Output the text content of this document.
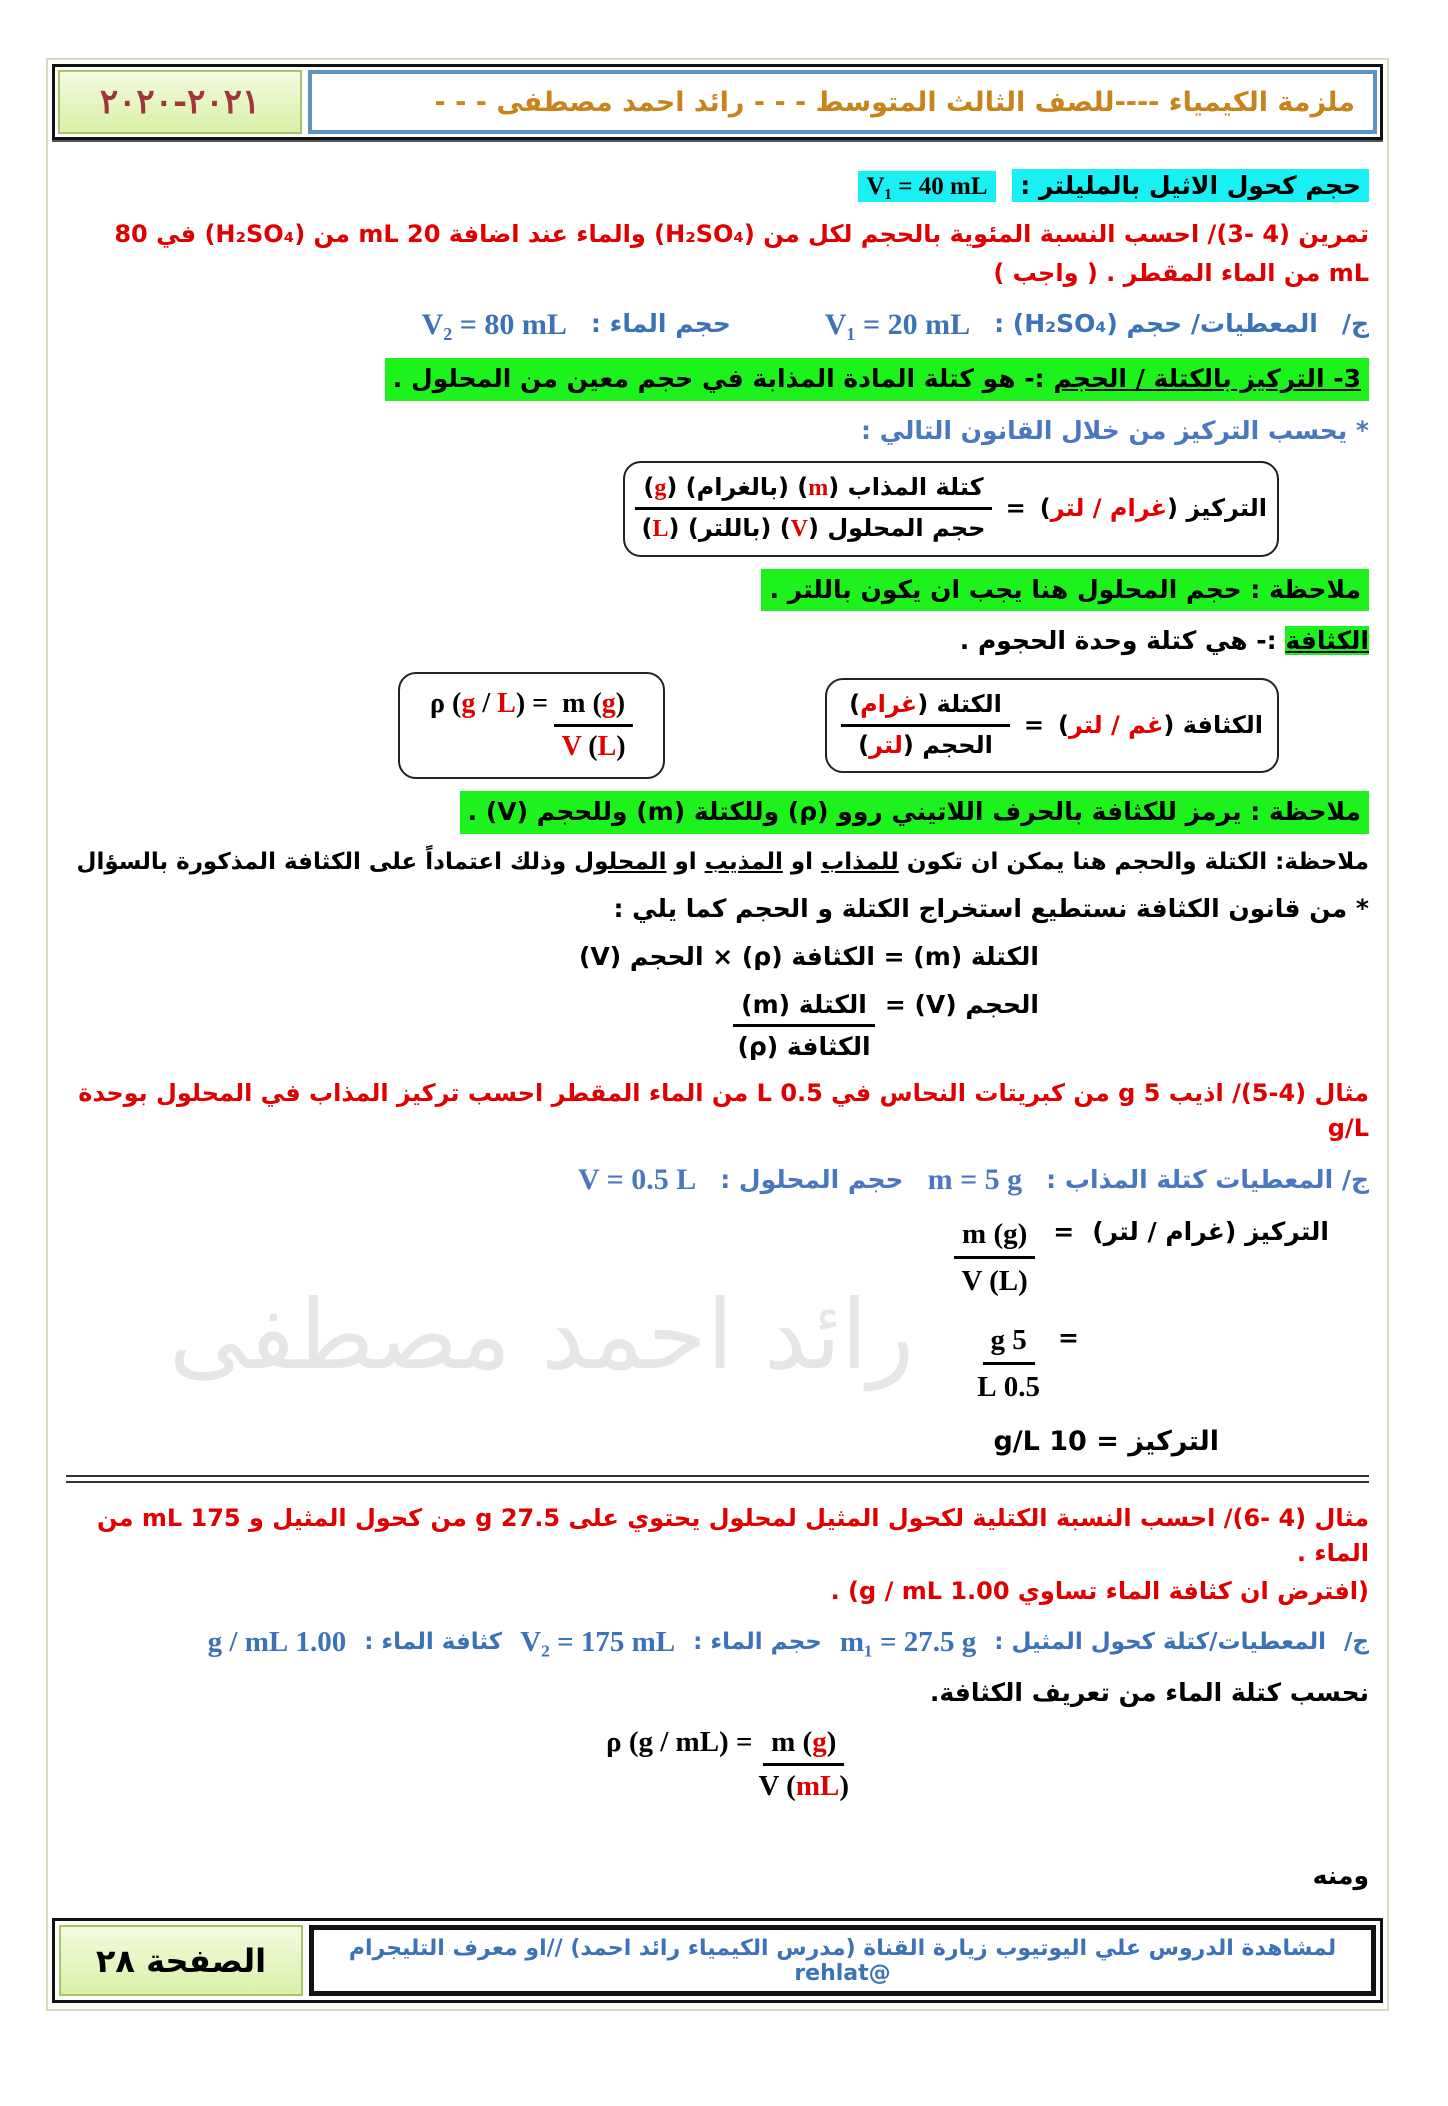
٢٠٢١-٢٠٢٠	ملزمة الكيمياء ----للصف الثالث المتوسط - - - رائد احمد مصطفى - - -
حجم كحول الاثيل بالمليلتر : V₁ = 40 mL
تمرين (4 -3)/ احسب النسبة المئوية بالحجم لكل من (H₂SO₄) والماء عند اضافة 20 mL من (H₂SO₄) في 80
mL من الماء المقطر . ( واجب )
ج/
المعطيات/ حجم (H₂SO₄) :
V₁ = 20 mL
حجم الماء :
V₂ = 80 mL
3- التركيز بالكتلة / الحجم :- هو كتلة المادة المذابة في حجم معين من المحلول .
* يحسب التركيز من خلال القانون التالي :
التركيز (غرام / لتر)
=
$\frac{\text{كتلة المذاب (m) (بالغرام) (g)}}{\text{حجم المحلول (V) (باللتر) (L)}}$
ملاحظة : حجم المحلول هنا يجب ان يكون باللتر .
الكثافة :- هي كتلة وحدة الحجوم .
الكثافة (غم / لتر)
=
$\frac{\text{الكتلة (غرام)}}{\text{الحجم (لتر)}}$
ρ $(g / L) = \frac{m (g)}{V (L)}$
ملاحظة : يرمز للكثافة بالحرف اللاتيني روو (ρ) وللكتلة (m) وللحجم (V) .
ملاحظة: الكتلة والحجم هنا يمكن ان تكون للمذاب او المذيب او المحلول وذلك اعتماداً على الكثافة المذكورة بالسؤال
* من قانون الكثافة نستطيع استخراج الكتلة و الحجم كما يلي :
الكتلة (m) = الكثافة (ρ) × الحجم (V)
الحجم (V) =
$\frac{\text{الكتلة (m)}}{\text{الكثافة (ρ)}}$
مثال (4-5)/ اذيب 5 g من كبريتات النحاس في 0.5 L من الماء المقطر احسب تركيز المذاب في المحلول بوحدة g/L
ج/ المعطيات كتلة المذاب :
m = 5 g
حجم المحلول :
V = 0.5 L
التركيز (غرام / لتر)
=
$\frac{m (g)}{V (L)}$
=
$\frac{5 g}{0.5 L}$
التركيز = 10 g/L
رائد احمد مصطفى
مثال (4 -6)/ احسب النسبة الكتلية لكحول المثيل لمحلول يحتوي على 27.5 g من كحول المثيل و 175 mL من الماء .
(افترض ان كثافة الماء تساوي 1.00 g / mL) .
ج/
المعطيات/كتلة كحول المثيل :
m₁ = 27.5 g
حجم الماء :
V₂ = 175 mL
كثافة الماء :
1.00 g / mL
نحسب كتلة الماء من تعريف الكثافة.
ρ $(g / mL) = \frac{m (g)}{V (mL)}$
ومنه
الصفحة ٢٨	لمشاهدة الدروس علي اليوتيوب زيارة القناة (مدرس الكيمياء رائد احمد) //او معرف التليجرام @rehlat
